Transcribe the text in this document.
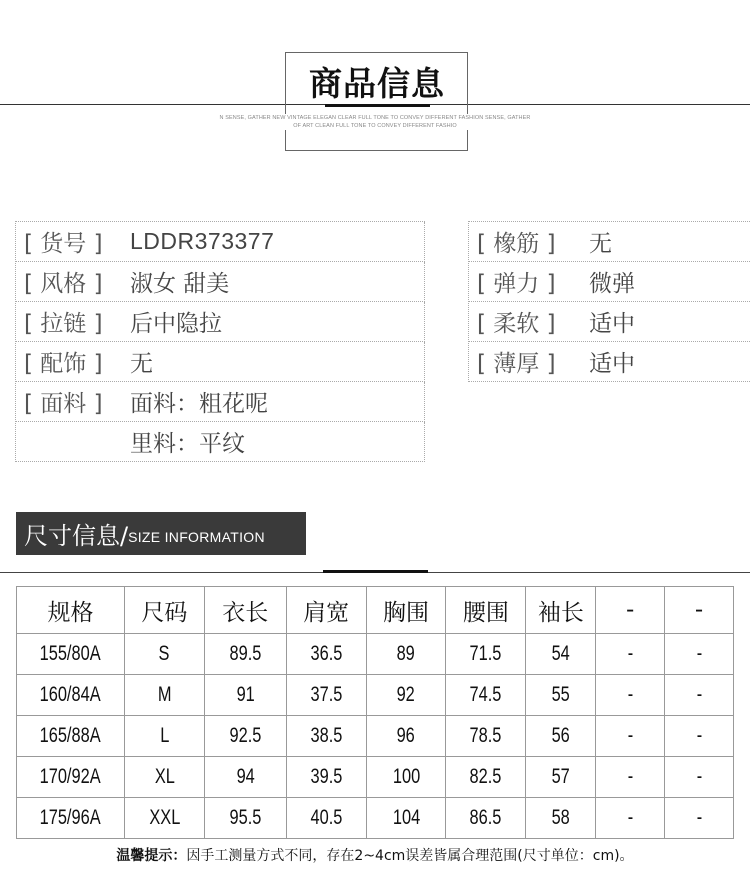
商品信息
N SENSE, GATHER NEW VINTAGE ELEGAN CLEAR FULL TONE TO CONVEY DIFFERENT FASHION SENSE, GATHER
OF ART CLEAN FULL TONE TO CONVEY DIFFERENT FASHIO
[ 货号 ]	LDDR373377
[ 风格 ]	淑女 甜美
[ 拉链 ]	后中隐拉
[ 配饰 ]	无
[ 面料 ]	面料：粗花呢
里料：平纹
[ 橡筋 ]	无
[ 弹力 ]	微弹
[ 柔软 ]	适中
[ 薄厚 ]	适中
尺寸信息/ SIZE INFORMATION
规格	尺码	衣长	肩宽	胸围	腰围	袖长	-	-
155/80A	S	89.5	36.5	89	71.5	54	-	-
160/84A	M	91	37.5	92	74.5	55	-	-
165/88A	L	92.5	38.5	96	78.5	56	-	-
170/92A	XL	94	39.5	100	82.5	57	-	-
175/96A	XXL	95.5	40.5	104	86.5	58	-	-
温馨提示：因手工测量方式不同，存在2~4cm误差皆属合理范围(尺寸单位：cm)。
